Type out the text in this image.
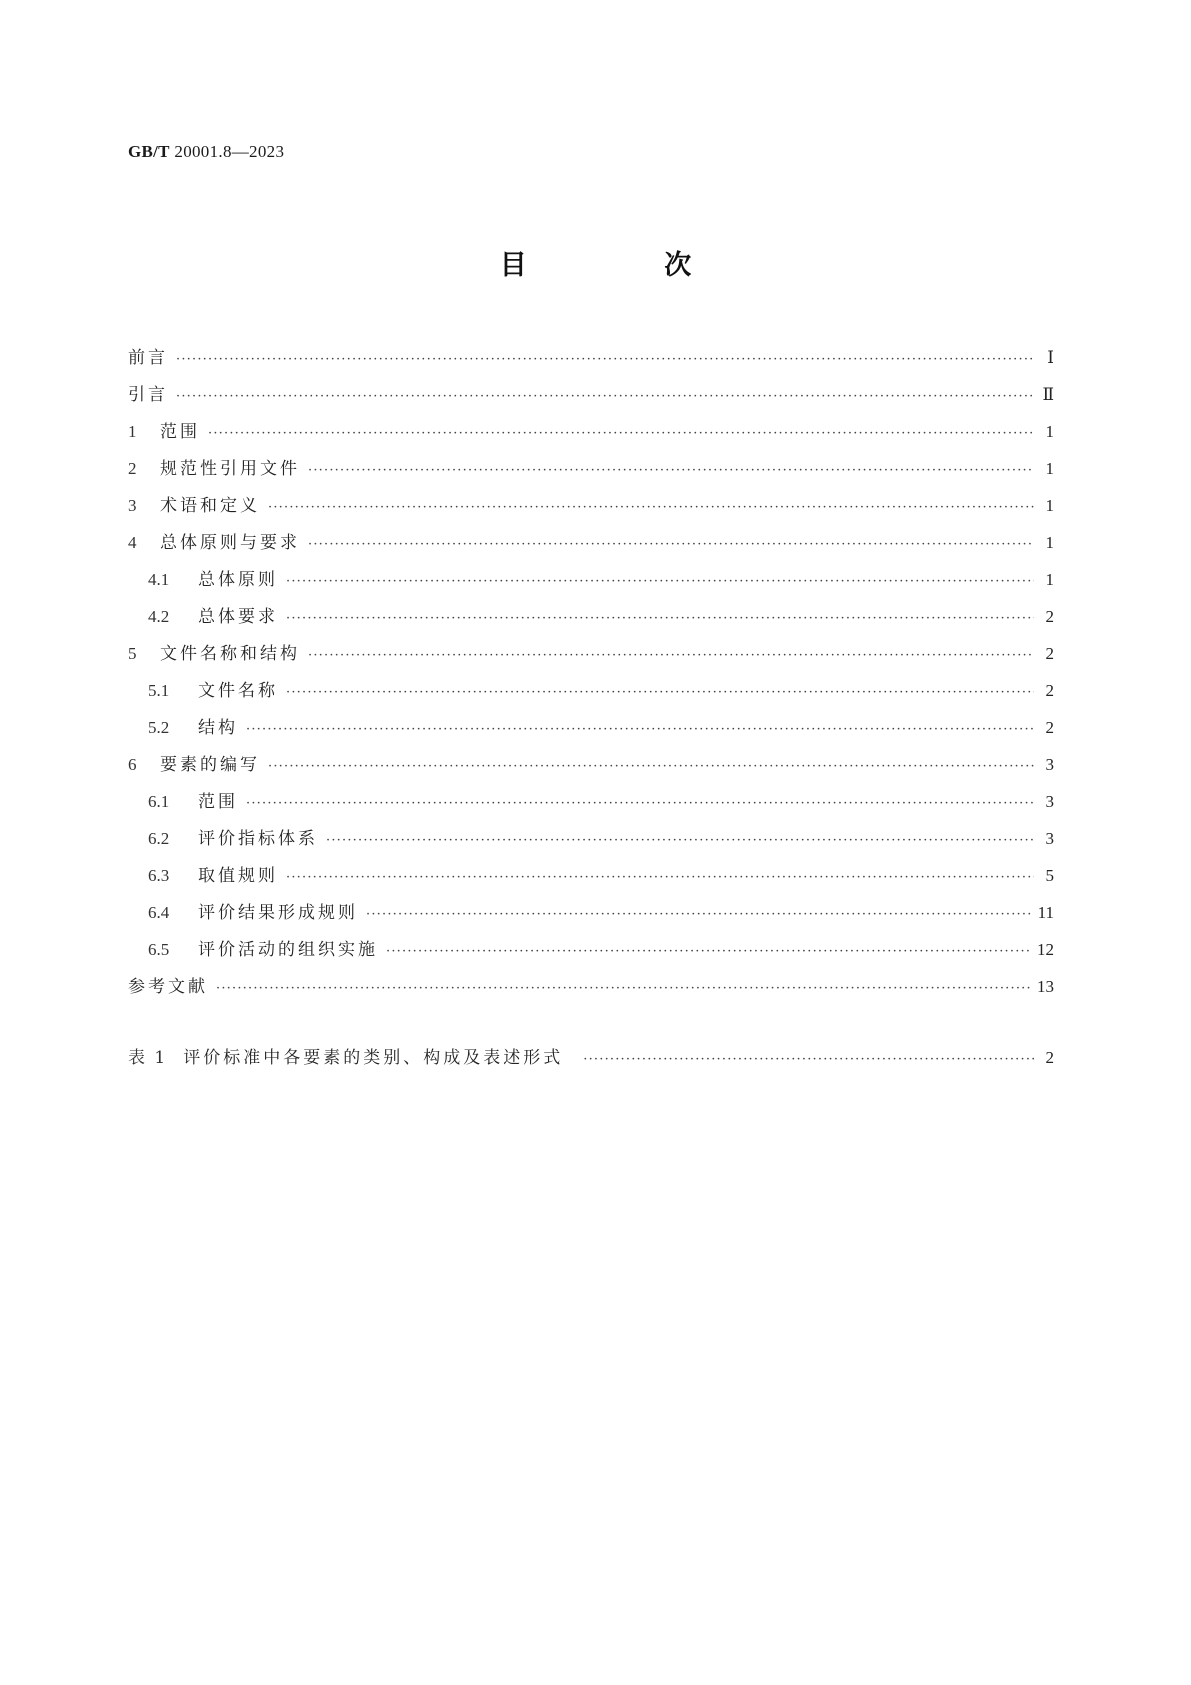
GB/T 20001.8—2023
目 次
前言 ·····	Ⅰ
引言 ·····	Ⅱ
1	范围 ·····	1
2	规范性引用文件 ·····	1
3	术语和定义 ·····	1
4	总体原则与要求 ·····	1
4.1	总体原则 ·····	1
4.2	总体要求 ·····	2
5	文件名称和结构 ·····	2
5.1	文件名称 ·····	2
5.2	结构 ·····	2
6	要素的编写 ·····	3
6.1	范围 ·····	3
6.2	评价指标体系 ·····	3
6.3	取值规则 ·····	5
6.4	评价结果形成规则 ·····	11
6.5	评价活动的组织实施 ·····	12
参考文献 ·····	13
表 1 评价标准中各要素的类别、构成及表述形式 ·····	2
